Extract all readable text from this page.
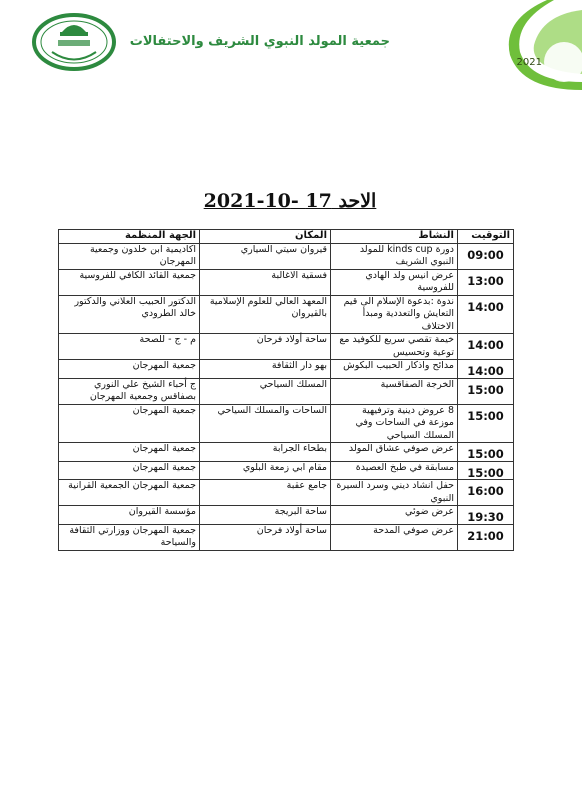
2021
جمعية المولد النبوي الشريف والاحتفالات
الاحد 17 -10-2021
التوقيت	النشاط	المكان	الجهة المنظمة
09:00	دورة kinds cup للمولد النبوي الشريف	قيروان سيتي السياري	اكاديمية ابن خلدون وجمعية المهرجان
13:00	عرض انيس ولد الهادي للفروسية	فسقية الاغالبة	جمعية القائد الكافي للفروسية
14:00	ندوة :بدعوة الإسلام الى قيم التعايش والتعددية ومبدأ الاختلاف	المعهد العالي للعلوم الإسلامية بالقيروان	الدكتور الحبيب العلاني والدكتور خالد الطرودي
14:00	خيمة تقصي سريع للكوفيد مع توعية وتحسيس	ساحة أولاد فرحان	م - ج - للصحة
14:00	مدائح واذكار الحبيب البكوش	بهو دار الثقافة	جمعية المهرجان
15:00	الخرجة الصفاقسية	المسلك السياحي	ج أحباء الشيخ علي النوري بصفاقس وجمعية المهرجان
15:00	8 عروض دينية وترفيهية موزعة في الساحات وفي المسلك السياحي	الساحات والمسلك السياحي	جمعية المهرجان
15:00	عرض صوفي عشاق المولد	بطحاء الجرابة	جمعية المهرجان
15:00	مسابقة في طبخ العصيدة	مقام ابي زمعة البلوي	جمعية المهرجان
16:00	حفل انشاد ديني وسرد السيرة النبوي	جامع عقبة	جمعية المهرجان الجمعية القرانية
19:30	عرض ضوئي	ساحة البريجة	مؤسسة القيروان
21:00	عرض صوفي المدحة	ساحة أولاد فرحان	جمعية المهرجان ووزارتي الثقافة والسياحة
